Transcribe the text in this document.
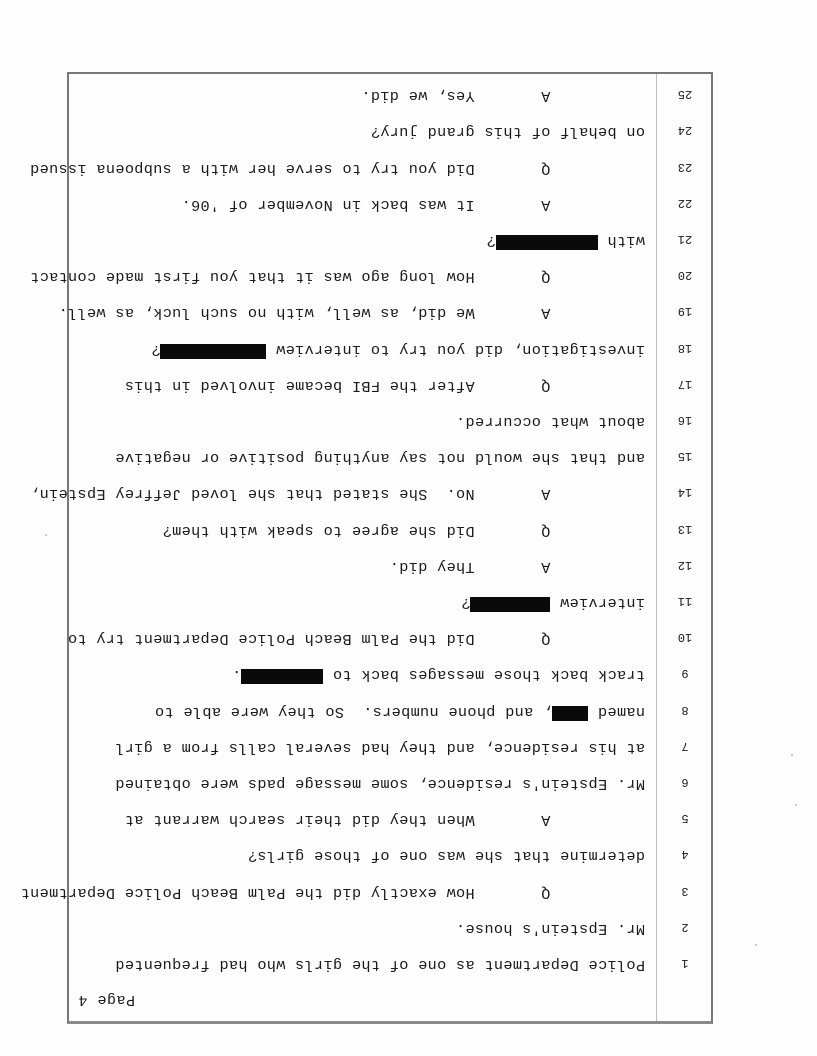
Page 4
1
Police Department as one of the girls who had frequented
2
Mr. Epstein's house.
3
Q       How exactly did the Palm Beach Police Department
4
determine that she was one of those girls?
5
A       When they did their search warrant at
6
Mr. Epstein's residence, some message pads were obtained
7
at his residence, and they had several calls from a girl
8
named , and phone numbers.  So they were able to
9
track back those messages back to .
10
Q       Did the Palm Beach Police Department try to
11
interview ?
12
A       They did.
13
Q       Did she agree to speak with them?
14
A       No.  She stated that she loved Jeffrey Epstein,
15
and that she would not say anything positive or negative
16
about what occurred.
17
Q       After the FBI became involved in this
18
investigation, did you try to interview ?
19
A       We did, as well, with no such luck, as well.
20
Q       How long ago was it that you first made contact
21
with ?
22
A       It was back in November of '06.
23
Q       Did you try to serve her with a subpoena issued
24
on behalf of this grand jury?
25
A       Yes, we did.
